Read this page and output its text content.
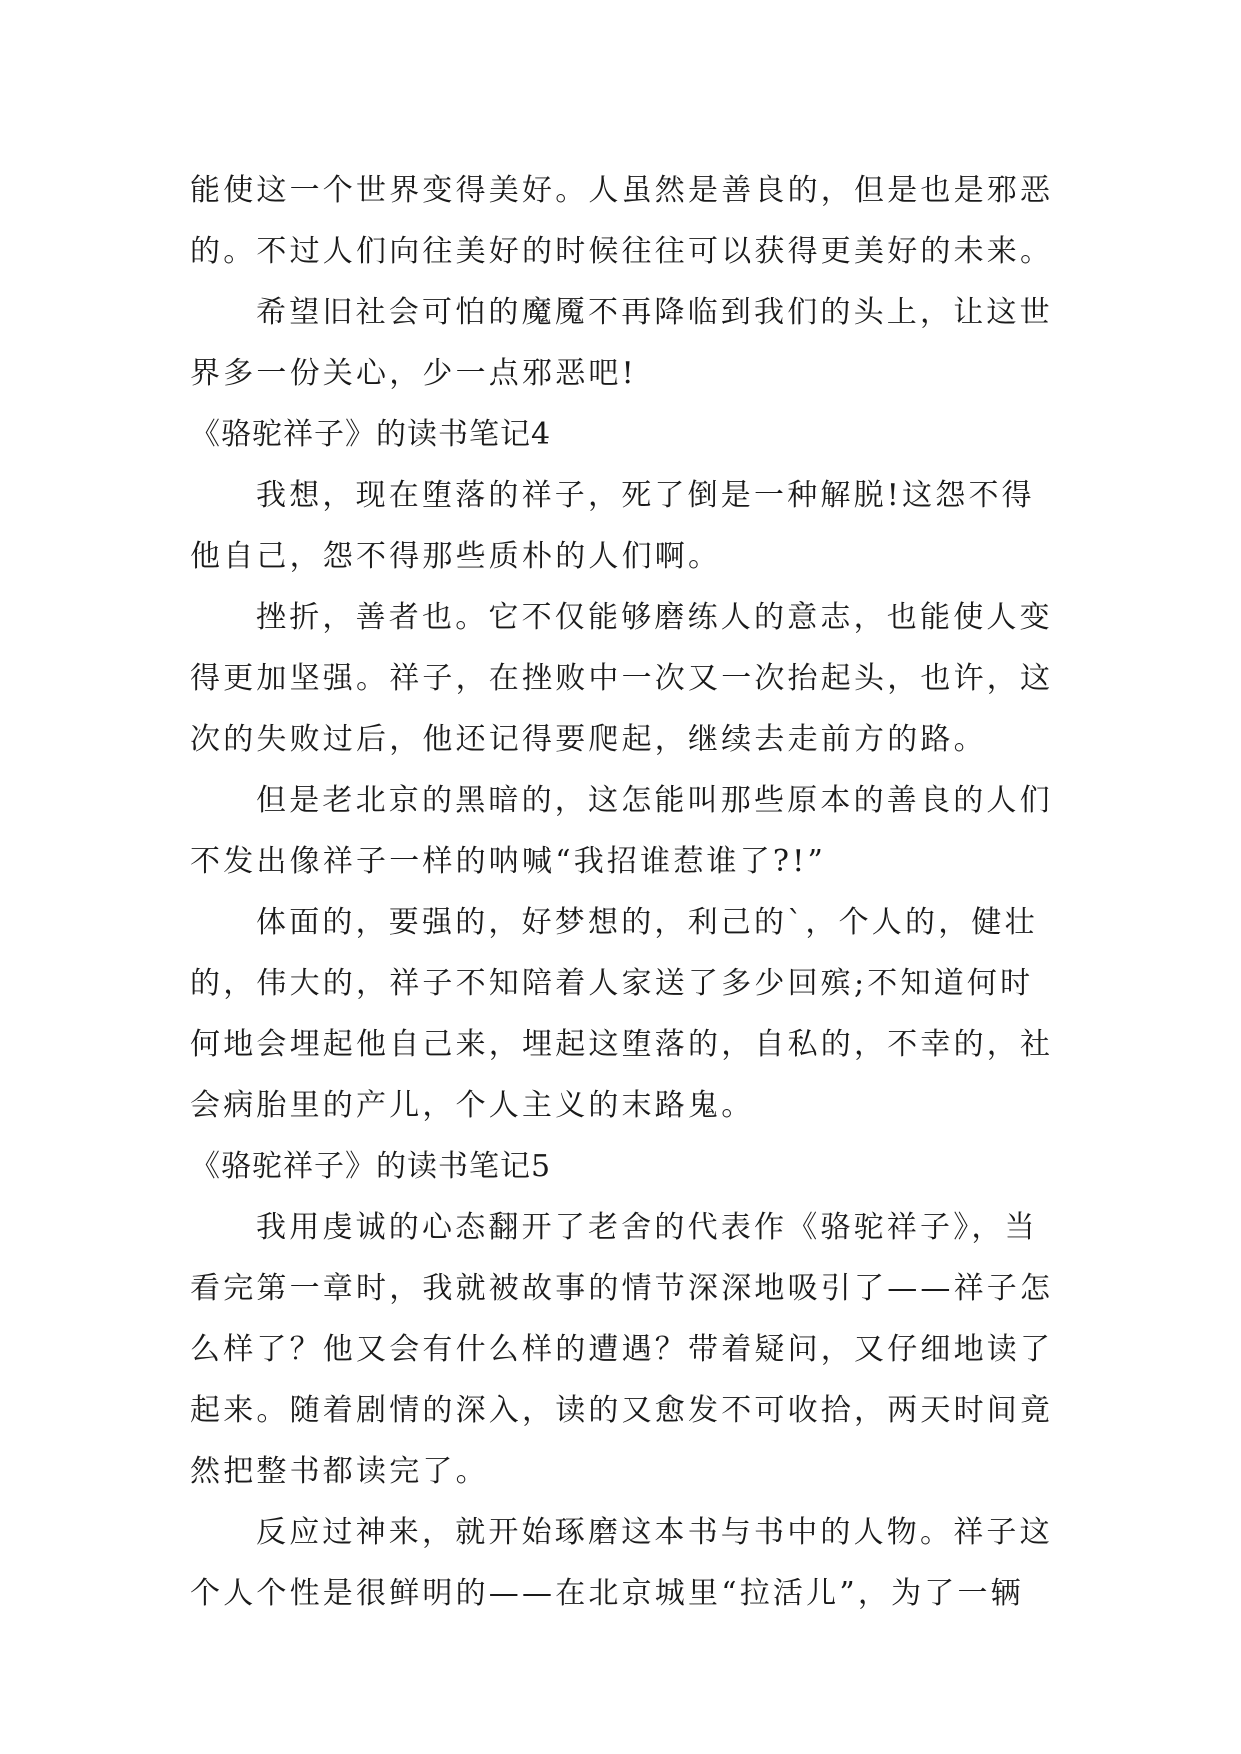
能使这一个世界变得美好。人虽然是善良的，但是也是邪恶
的。不过人们向往美好的时候往往可以获得更美好的未来。
希望旧社会可怕的魔魇不再降临到我们的头上，让这世
界多一份关心，少一点邪恶吧!
《骆驼祥子》的读书笔记4
我想，现在堕落的祥子，死了倒是一种解脱!这怨不得
他自己，怨不得那些质朴的人们啊。
挫折，善者也。它不仅能够磨练人的意志，也能使人变
得更加坚强。祥子，在挫败中一次又一次抬起头，也许，这
次的失败过后，他还记得要爬起，继续去走前方的路。
但是老北京的黑暗的，这怎能叫那些原本的善良的人们
不发出像祥子一样的呐喊“我招谁惹谁了?!”
体面的，要强的，好梦想的，利己的`，个人的，健壮
的，伟大的，祥子不知陪着人家送了多少回殡;不知道何时
何地会埋起他自己来，埋起这堕落的，自私的，不幸的，社
会病胎里的产儿，个人主义的末路鬼。
《骆驼祥子》的读书笔记5
我用虔诚的心态翻开了老舍的代表作《骆驼祥子》，当
看完第一章时，我就被故事的情节深深地吸引了——祥子怎
么样了？他又会有什么样的遭遇？带着疑问，又仔细地读了
起来。随着剧情的深入，读的又愈发不可收拾，两天时间竟
然把整书都读完了。
反应过神来，就开始琢磨这本书与书中的人物。祥子这
个人个性是很鲜明的——在北京城里“拉活儿”，为了一辆
